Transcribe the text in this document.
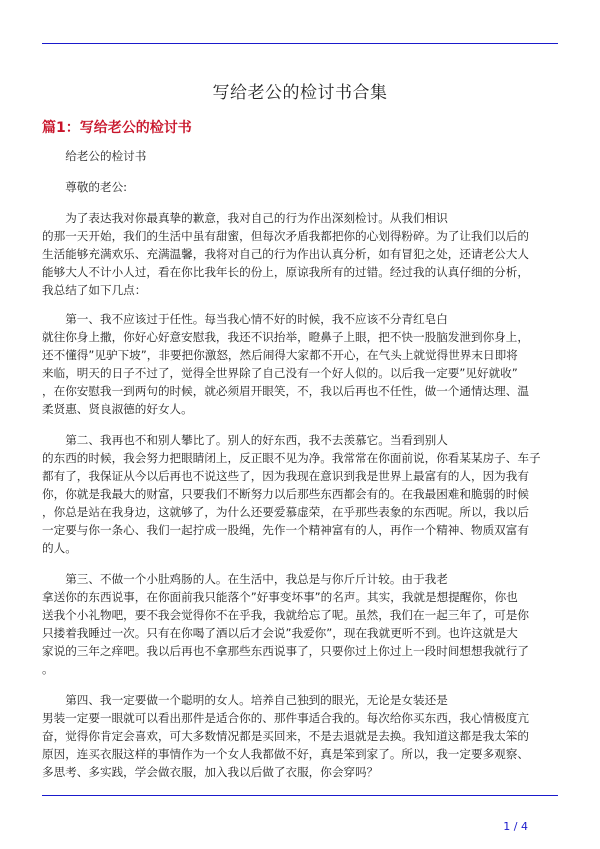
写给老公的检讨书合集
篇1：写给老公的检讨书
　　给老公的检讨书
　　尊敬的老公:
　　为了表达我对你最真挚的歉意，我对自己的行为作出深刻检讨。从我们相识
的那一天开始，我们的生活中虽有甜蜜，但每次矛盾我都把你的心划得粉碎。为了让我们以后的
生活能够充满欢乐、充满温馨，我将对自己的行为作出认真分析，如有冒犯之处，还请老公大人
能够大人不计小人过，看在你比我年长的份上，原谅我所有的过错。经过我的认真仔细的分析，
我总结了如下几点：
　　第一、我不应该过于任性。每当我心情不好的时候，我不应该不分青红皂白
就往你身上撒，你好心好意安慰我，我还不识抬举，瞪鼻子上眼，把不快一股脑发泄到你身上，
还不懂得”见驴下坡”，非要把你激怒，然后闹得大家都不开心，在气头上就觉得世界末日即将
来临，明天的日子不过了，觉得全世界除了自己没有一个好人似的。以后我一定要”见好就收”
，在你安慰我一到两句的时候，就必须眉开眼笑，不，我以后再也不任性，做一个通情达理、温
柔贤惠、贤良淑德的好女人。
　　第二、我再也不和别人攀比了。别人的好东西，我不去羡慕它。当看到别人
的东西的时候，我会努力把眼睛闭上，反正眼不见为净。我常常在你面前说，你看某某房子、车子
都有了，我保证从今以后再也不说这些了，因为我现在意识到我是世界上最富有的人，因为我有
你，你就是我最大的财富，只要我们不断努力以后那些东西都会有的。在我最困难和脆弱的时候
，你总是站在我身边，这就够了，为什么还要爱慕虚荣，在乎那些表象的东西呢。所以，我以后
一定要与你一条心、我们一起拧成一股绳，先作一个精神富有的人，再作一个精神、物质双富有
的人。
　　第三、不做一个小肚鸡肠的人。在生活中，我总是与你斤斤计较。由于我老
拿送你的东西说事，在你面前我只能落个”好事变坏事”的名声。其实，我就是想提醒你，你也
送我个小礼物吧，要不我会觉得你不在乎我，我就给忘了呢。虽然，我们在一起三年了，可是你
只搂着我睡过一次。只有在你喝了酒以后才会说”我爱你”，现在我就更听不到。也许这就是大
家说的三年之痒吧。我以后再也不拿那些东西说事了，只要你过上你过上一段时间想想我就行了
。
　　第四、我一定要做一个聪明的女人。培养自己独到的眼光，无论是女装还是
男装一定要一眼就可以看出那件是适合你的、那件事适合我的。每次给你买东西，我心情极度亢
奋，觉得你肯定会喜欢，可大多数情况都是买回来，不是去退就是去换。我知道这都是我太笨的
原因，连买衣服这样的事情作为一个女人我都做不好，真是笨到家了。所以，我一定要多观察、
多思考、多实践，学会做衣服，加入我以后做了衣服，你会穿吗？
1 / 4
